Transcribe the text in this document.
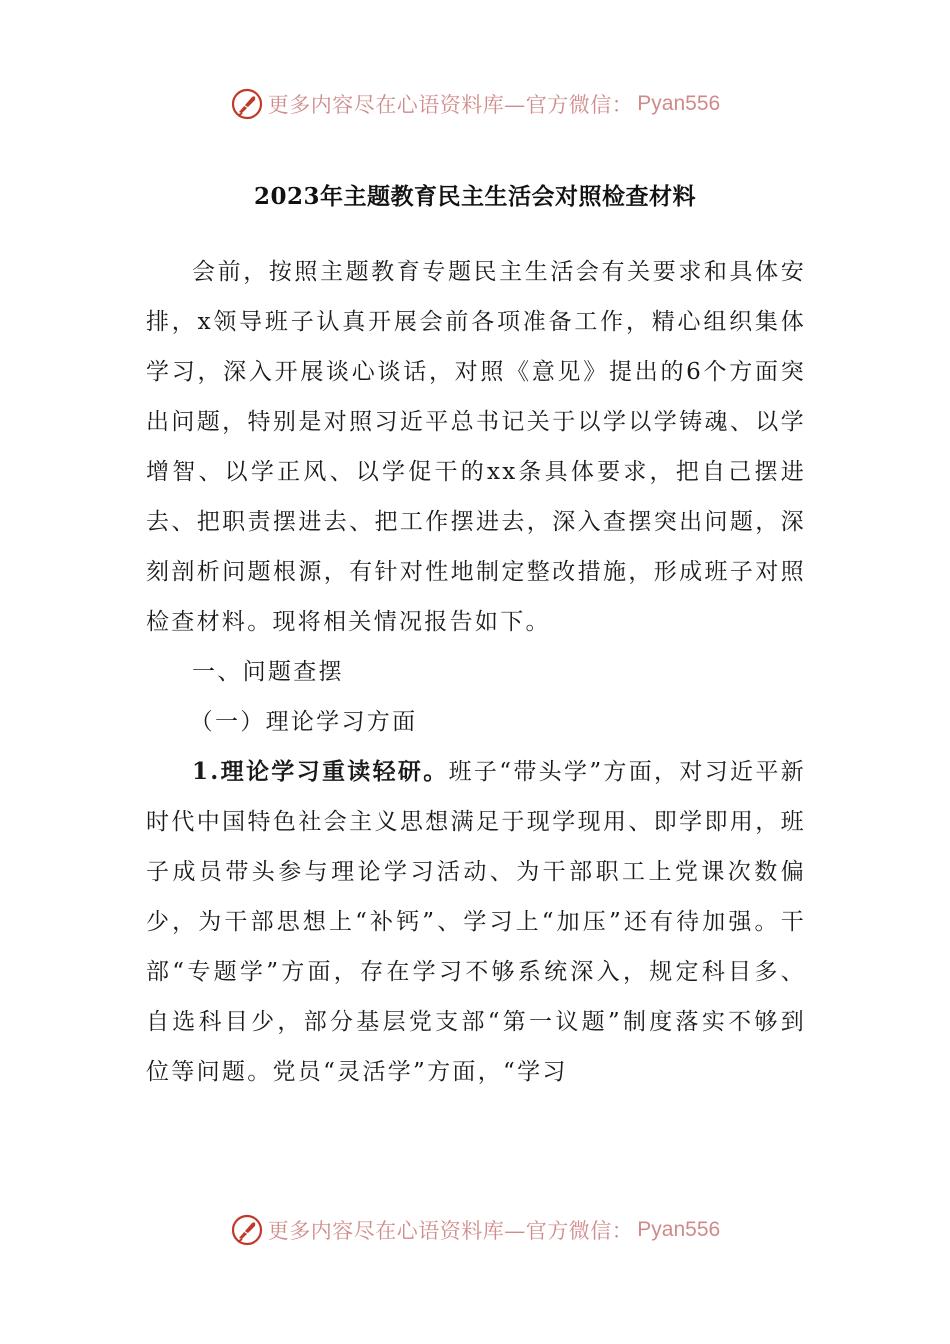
更多内容尽在心语资料库—官方微信： Pyan556
2023年主题教育民主生活会对照检查材料

会前，按照主题教育专题民主生活会有关要求和具体安排，x领导班子认真开展会前各项准备工作，精心组织集体学习，深入开展谈心谈话，对照《意见》提出的6个方面突出问题，特别是对照习近平总书记关于以学以学铸魂、以学增智、以学正风、以学促干的xx条具体要求，把自己摆进去、把职责摆进去、把工作摆进去，深入查摆突出问题，深刻剖析问题根源，有针对性地制定整改措施，形成班子对照检查材料。现将相关情况报告如下。

一、问题查摆

（一）理论学习方面

1.理论学习重读轻研。班子“带头学”方面，对习近平新时代中国特色社会主义思想满足于现学现用、即学即用，班子成员带头参与理论学习活动、为干部职工上党课次数偏少，为干部思想上“补钙”、学习上“加压”还有待加强。干部“专题学”方面，存在学习不够系统深入，规定科目多、自选科目少，部分基层党支部“第一议题”制度落实不够到位等问题。党员“灵活学”方面，“学习

更多内容尽在心语资料库—官方微信： Pyan556
